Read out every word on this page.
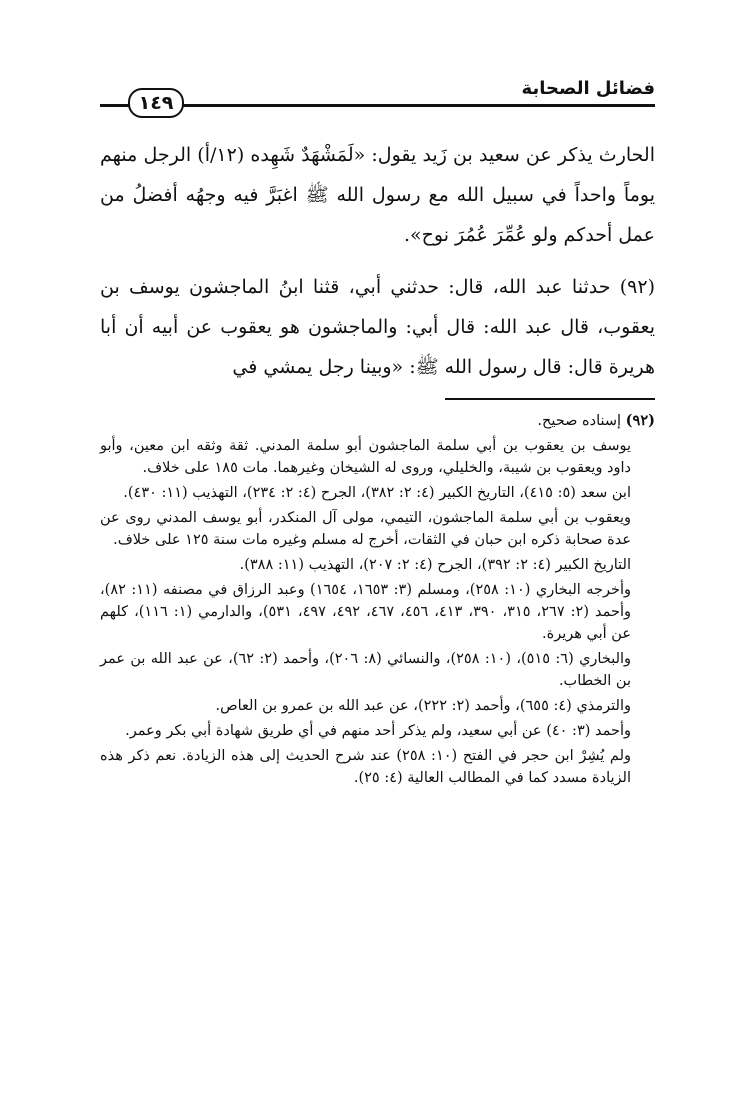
فضائل الصحابة
١٤٩

الحارث يذكر عن سعيد بن زَيد يقول: «لَمَشْهَدٌ شَهِده (١٢/أ) الرجل منهم يوماً واحداً في سبيل الله مع رسول الله ﷺ اغبَرَّ فيه وجهُه أفضلُ من عمل أحدكم ولو عُمِّرَ عُمُرَ نوح».

(٩٢) حدثنا عبد الله، قال: حدثني أبي، قثنا ابنُ الماجشون يوسف بن يعقوب، قال عبد الله: قال أبي: والماجشون هو يعقوب عن أبيه أن أبا هريرة قال: قال رسول الله ﷺ: «وبينا رجل يمشي في

(٩٢) إسناده صحيح.

يوسف بن يعقوب بن أبي سلمة الماجشون أبو سلمة المدني. ثقة وثقه ابن معين، وأبو داود ويعقوب بن شيبة، والخليلي، وروى له الشيخان وغيرهما. مات ١٨٥ على خلاف.

ابن سعد (٥: ٤١٥)، التاريخ الكبير (٤: ٢: ٣٨٢)، الجرح (٤: ٢: ٢٣٤)، التهذيب (١١: ٤٣٠).

ويعقوب بن أبي سلمة الماجشون، التيمي، مولى آل المنكدر، أبو يوسف المدني روى عن عدة صحابة ذكره ابن حبان في الثقات، أخرج له مسلم وغيره مات سنة ١٢٥ على خلاف.

التاريخ الكبير (٤: ٢: ٣٩٢)، الجرح (٤: ٢: ٢٠٧)، التهذيب (١١: ٣٨٨).

وأخرجه البخاري (١٠: ٢٥٨)، ومسلم (٣: ١٦٥٣، ١٦٥٤) وعبد الرزاق في مصنفه (١١: ٨٢)، وأحمد (٢: ٢٦٧، ٣١٥، ٣٩٠، ٤١٣، ٤٥٦، ٤٦٧، ٤٩٢، ٤٩٧، ٥٣١)، والدارمي (١: ١١٦)، كلهم عن أبي هريرة.

والبخاري (٦: ٥١٥)، (١٠: ٢٥٨)، والنسائي (٨: ٢٠٦)، وأحمد (٢: ٦٢)، عن عبد الله بن عمر بن الخطاب.

والترمذي (٤: ٦٥٥)، وأحمد (٢: ٢٢٢)، عن عبد الله بن عمرو بن العاص.

وأحمد (٣: ٤٠) عن أبي سعيد، ولم يذكر أحد منهم في أي طريق شهادة أبي بكر وعمر.

ولم يُشِرْ ابن حجر في الفتح (١٠: ٢٥٨) عند شرح الحديث إلى هذه الزيادة. نعم ذكر هذه الزيادة مسدد كما في المطالب العالية (٤: ٢٥).
